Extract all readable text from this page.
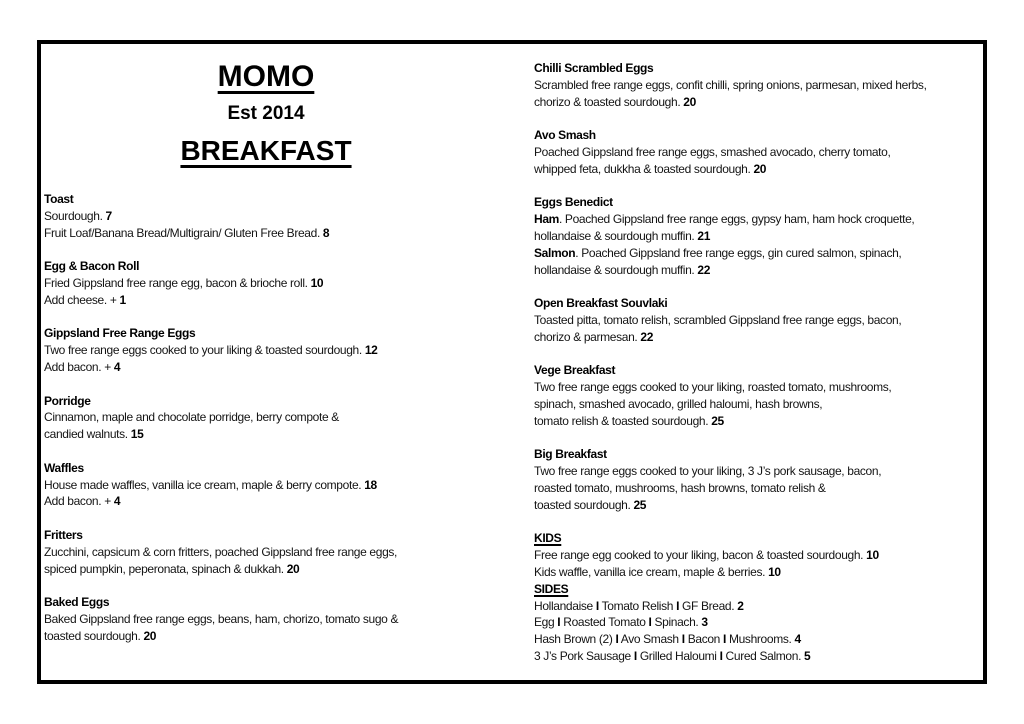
MOMO
Est 2014
BREAKFAST
Toast
Sourdough. 7
Fruit Loaf/Banana Bread/Multigrain/ Gluten Free Bread. 8
Egg & Bacon Roll
Fried Gippsland free range egg, bacon & brioche roll. 10
Add cheese. + 1
Gippsland Free Range Eggs
Two free range eggs cooked to your liking & toasted sourdough. 12
Add bacon. + 4
Porridge
Cinnamon, maple and chocolate porridge, berry compote &
candied walnuts. 15
Waffles
House made waffles, vanilla ice cream, maple & berry compote. 18
Add bacon. + 4
Fritters
Zucchini, capsicum & corn fritters, poached Gippsland free range eggs,
spiced pumpkin, peperonata, spinach & dukkah. 20
Baked Eggs
Baked Gippsland free range eggs, beans, ham, chorizo, tomato sugo &
toasted sourdough. 20
Chilli Scrambled Eggs
Scrambled free range eggs, confit chilli, spring onions, parmesan, mixed herbs,
chorizo & toasted sourdough. 20
Avo Smash
Poached Gippsland free range eggs, smashed avocado, cherry tomato,
whipped feta, dukkha & toasted sourdough. 20
Eggs Benedict
Ham. Poached Gippsland free range eggs, gypsy ham, ham hock croquette,
hollandaise & sourdough muffin. 21
Salmon. Poached Gippsland free range eggs, gin cured salmon, spinach,
hollandaise & sourdough muffin. 22
Open Breakfast Souvlaki
Toasted pitta, tomato relish, scrambled Gippsland free range eggs, bacon,
chorizo & parmesan. 22
Vege Breakfast
Two free range eggs cooked to your liking, roasted tomato, mushrooms,
spinach, smashed avocado, grilled haloumi, hash browns,
tomato relish & toasted sourdough. 25
Big Breakfast
Two free range eggs cooked to your liking, 3 J’s pork sausage, bacon,
roasted tomato, mushrooms, hash browns, tomato relish &
toasted sourdough. 25
KIDS
Free range egg cooked to your liking, bacon & toasted sourdough. 10
Kids waffle, vanilla ice cream, maple & berries. 10
SIDES
Hollandaise I Tomato Relish I GF Bread. 2
Egg I Roasted Tomato I Spinach. 3
Hash Brown (2) I Avo Smash I Bacon I Mushrooms. 4
3 J’s Pork Sausage I Grilled Haloumi I Cured Salmon. 5
